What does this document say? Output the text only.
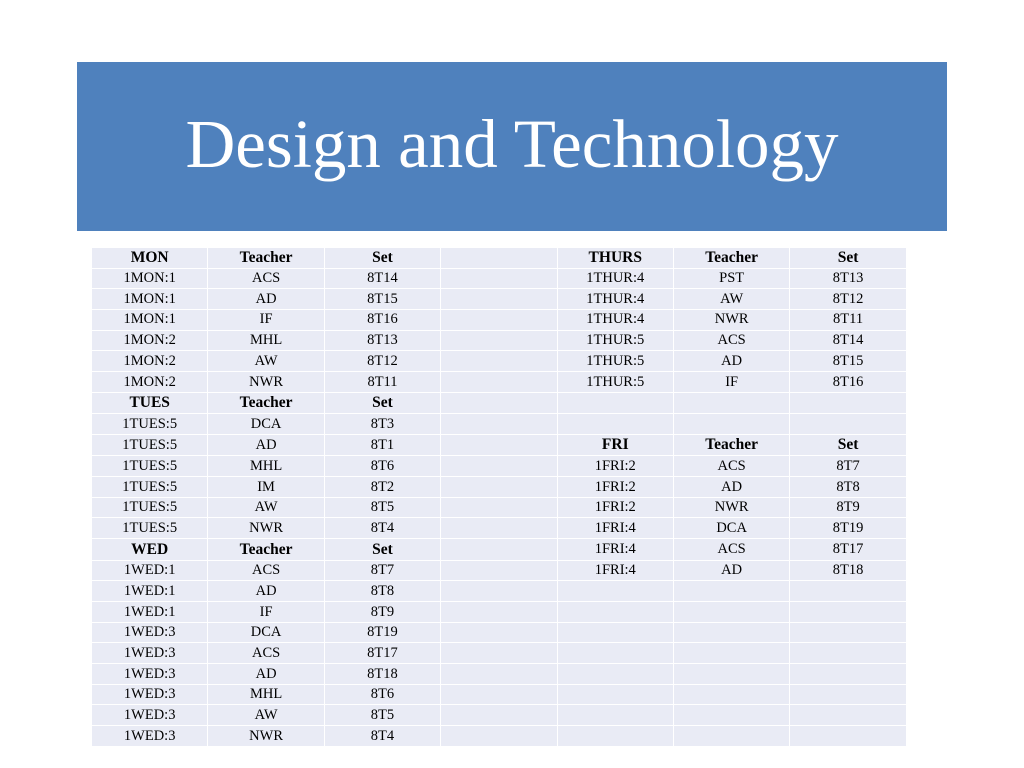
Design and Technology
MON	Teacher	Set		THURS	Teacher	Set
1MON:1	ACS	8T14		1THUR:4	PST	8T13
1MON:1	AD	8T15		1THUR:4	AW	8T12
1MON:1	IF	8T16		1THUR:4	NWR	8T11
1MON:2	MHL	8T13		1THUR:5	ACS	8T14
1MON:2	AW	8T12		1THUR:5	AD	8T15
1MON:2	NWR	8T11		1THUR:5	IF	8T16
TUES	Teacher	Set				
1TUES:5	DCA	8T3				
1TUES:5	AD	8T1		FRI	Teacher	Set
1TUES:5	MHL	8T6		1FRI:2	ACS	8T7
1TUES:5	IM	8T2		1FRI:2	AD	8T8
1TUES:5	AW	8T5		1FRI:2	NWR	8T9
1TUES:5	NWR	8T4		1FRI:4	DCA	8T19
WED	Teacher	Set		1FRI:4	ACS	8T17
1WED:1	ACS	8T7		1FRI:4	AD	8T18
1WED:1	AD	8T8				
1WED:1	IF	8T9				
1WED:3	DCA	8T19				
1WED:3	ACS	8T17				
1WED:3	AD	8T18				
1WED:3	MHL	8T6				
1WED:3	AW	8T5				
1WED:3	NWR	8T4				
